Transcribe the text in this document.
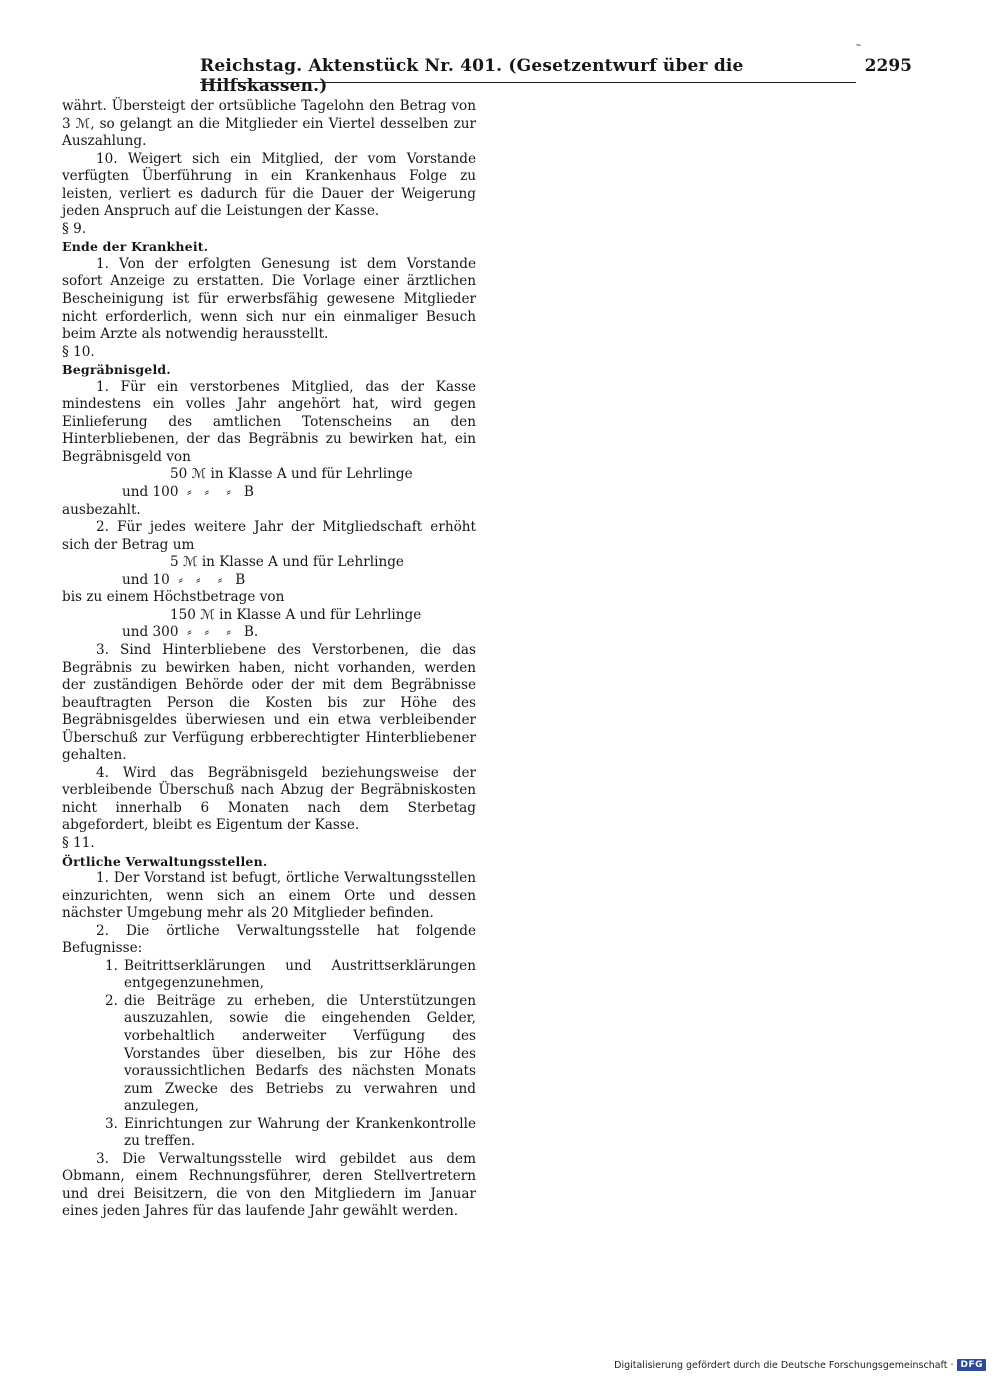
Reichstag. Aktenstück Nr. 401. (Gesetzentwurf über die Hilfskassen.)
2295
⌁

währt. Übersteigt der ortsübliche Tagelohn den Betrag von 3 ℳ, so gelangt an die Mitglieder ein Viertel desselben zur Auszahlung.

10. Weigert sich ein Mitglied, der vom Vorstande verfügten Überführung in ein Krankenhaus Folge zu leisten, verliert es dadurch für die Dauer der Weigerung jeden Anspruch auf die Leistungen der Kasse.

§ 9.

Ende der Krankheit.

1. Von der erfolgten Genesung ist dem Vorstande sofort Anzeige zu erstatten. Die Vorlage einer ärztlichen Bescheinigung ist für erwerbsfähig gewesene Mitglieder nicht erforderlich, wenn sich nur ein einmaliger Besuch beim Arzte als notwendig herausstellt.

§ 10.

Begräbnisgeld.

1. Für ein verstorbenes Mitglied, das der Kasse mindestens ein volles Jahr angehört hat, wird gegen Einlieferung des amtlichen Totenscheins an den Hinterbliebenen, der das Begräbnis zu bewirken hat, ein Begräbnisgeld von

50 ℳ in Klasse A und für Lehrlinge

und 100  ⸗   ⸗    ⸗   B

ausbezahlt.

2. Für jedes weitere Jahr der Mitgliedschaft erhöht sich der Betrag um

5 ℳ in Klasse A und für Lehrlinge

und 10  ⸗   ⸗    ⸗   B

bis zu einem Höchstbetrage von

150 ℳ in Klasse A und für Lehrlinge

und 300  ⸗   ⸗    ⸗   B.

3. Sind Hinterbliebene des Verstorbenen, die das Begräbnis zu bewirken haben, nicht vorhanden, werden der zuständigen Behörde oder der mit dem Begräbnisse beauftragten Person die Kosten bis zur Höhe des Begräbnisgeldes überwiesen und ein etwa verbleibender Überschuß zur Verfügung erbberechtigter Hinterbliebener gehalten.

4. Wird das Begräbnisgeld beziehungsweise der verbleibende Überschuß nach Abzug der Begräbniskosten nicht innerhalb 6 Monaten nach dem Sterbetag abgefordert, bleibt es Eigentum der Kasse.

§ 11.

Örtliche Verwaltungsstellen.

1. Der Vorstand ist befugt, örtliche Verwaltungsstellen einzurichten, wenn sich an einem Orte und dessen nächster Umgebung mehr als 20 Mitglieder befinden.

2. Die örtliche Verwaltungsstelle hat folgende Befugnisse:

1. Beitrittserklärungen und Austrittserklärungen entgegenzunehmen,
2. die Beiträge zu erheben, die Unterstützungen auszuzahlen, sowie die eingehenden Gelder, vorbehaltlich anderweiter Verfügung des Vorstandes über dieselben, bis zur Höhe des voraussichtlichen Bedarfs des nächsten Monats zum Zwecke des Betriebs zu verwahren und anzulegen,
3. Einrichtungen zur Wahrung der Krankenkontrolle zu treffen.

3. Die Verwaltungsstelle wird gebildet aus dem Obmann, einem Rechnungsführer, deren Stellvertretern und drei Beisitzern, die von den Mitgliedern im Januar eines jeden Jahres für das laufende Jahr gewählt werden.

Digitalisierung gefördert durch die Deutsche Forschungsgemeinschaft · DFG
